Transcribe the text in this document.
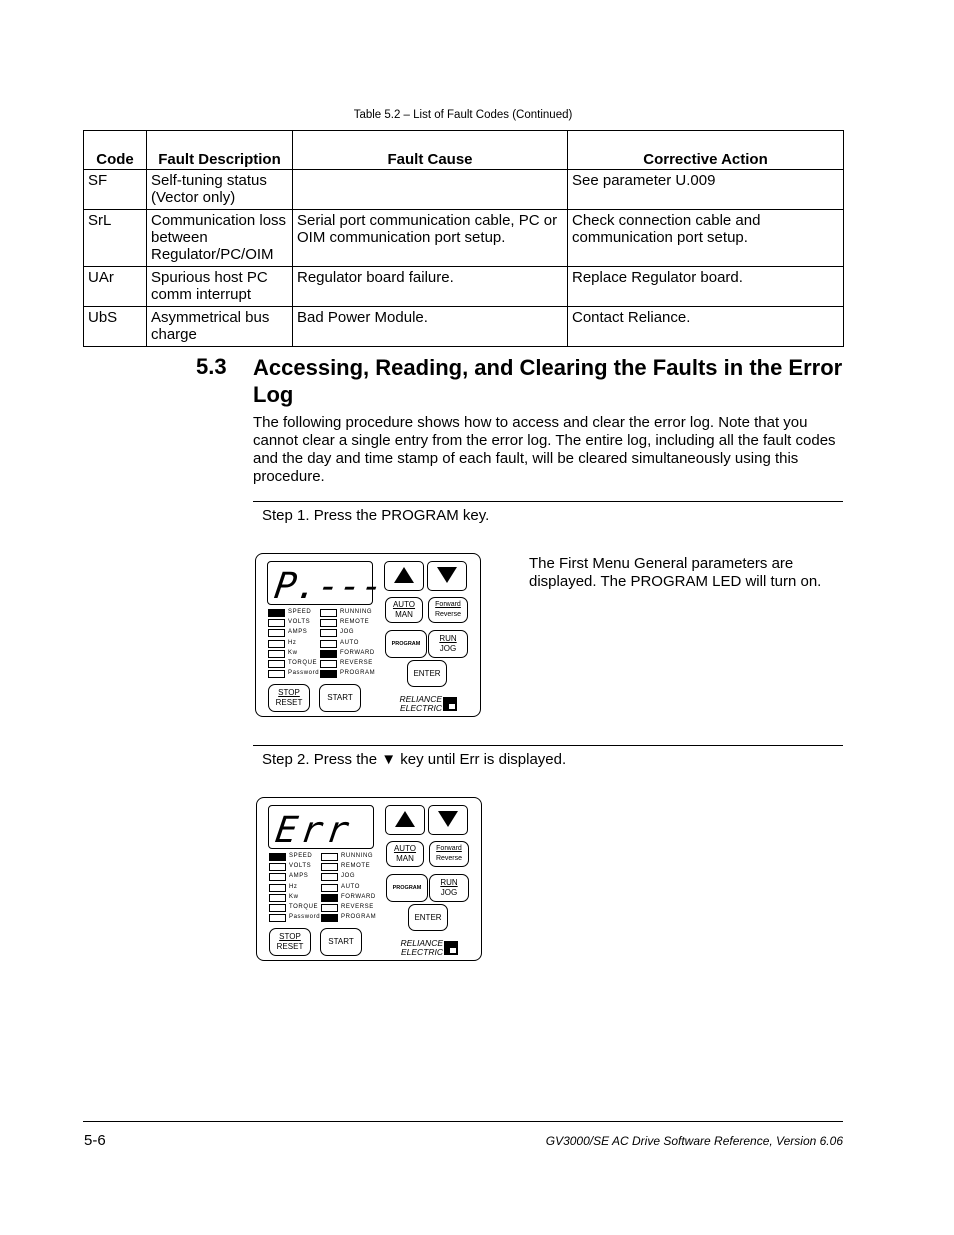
Table 5.2 – List of Fault Codes (Continued)
Code	Fault Description	Fault Cause	Corrective Action
SF	Self-tuning status (Vector only)		See parameter U.009
SrL	Communication loss between Regulator/PC/OIM	Serial port communication cable, PC or OIM communication port setup.	Check connection cable and communication port setup.
UAr	Spurious host PC comm interrupt	Regulator board failure.	Replace Regulator board.
UbS	Asymmetrical bus charge	Bad Power Module.	Contact Reliance.
5.3 Accessing, Reading, and Clearing the Faults in the Error Log
The following procedure shows how to access and clear the error log. Note that you cannot clear a single entry from the error log. The entire log, including all the fault codes and the day and time stamp of each fault, will be cleared simultaneously using this procedure.
Step 1. Press the PROGRAM key.
The First Menu General parameters are displayed. The PROGRAM LED will turn on.
P.--- AUTO
MAN
Forward
Reverse
PROGRAM
RUN
JOG
ENTER
STOP
RESET
START	RELIANCE
ELECTRIC
SPEED
VOLTS
AMPS
Hz
Kw
TORQUE
Password
RUNNING
REMOTE
JOG
AUTO
FORWARD
REVERSE
PROGRAM
Step 2. Press the ▼ key until Err is displayed.
Err	AUTO
MAN
Forward
Reverse
PROGRAM
RUN
JOG
ENTER
STOP
RESET
START	RELIANCE
ELECTRIC
SPEED
VOLTS
AMPS
Hz
Kw
TORQUE
Password
RUNNING
REMOTE
JOG
AUTO
FORWARD
REVERSE
PROGRAM
5-6	GV3000/SE AC Drive Software Reference, Version 6.06
